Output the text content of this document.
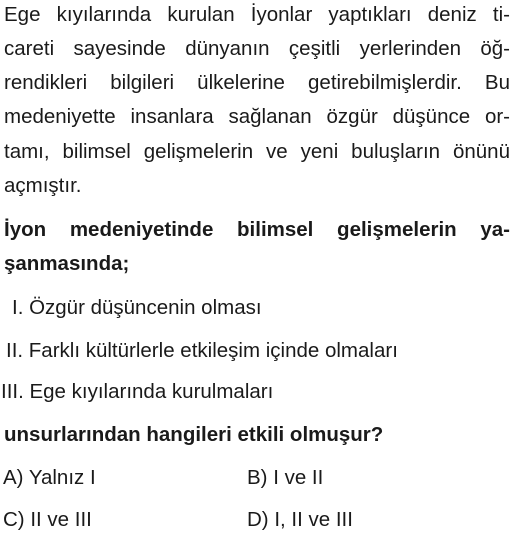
Ege kıyılarında kurulan İyonlar yaptıkları deniz ti-
careti sayesinde dünyanın çeşitli yerlerinden öğ-
rendikleri bilgileri ülkelerine getirebilmişlerdir. Bu
medeniyette insanlara sağlanan özgür düşünce or-
tamı, bilimsel gelişmelerin ve yeni buluşların önünü
açmıştır.
İyon medeniyetinde bilimsel gelişmelerin ya-
şanmasında;
I. Özgür düşüncenin olması
II. Farklı kültürlerle etkileşim içinde olmaları
III. Ege kıyılarında kurulmaları
unsurlarından hangileri etkili olmuşur?
A) Yalnız I	B) I ve II
C) II ve III	D) I, II ve III
